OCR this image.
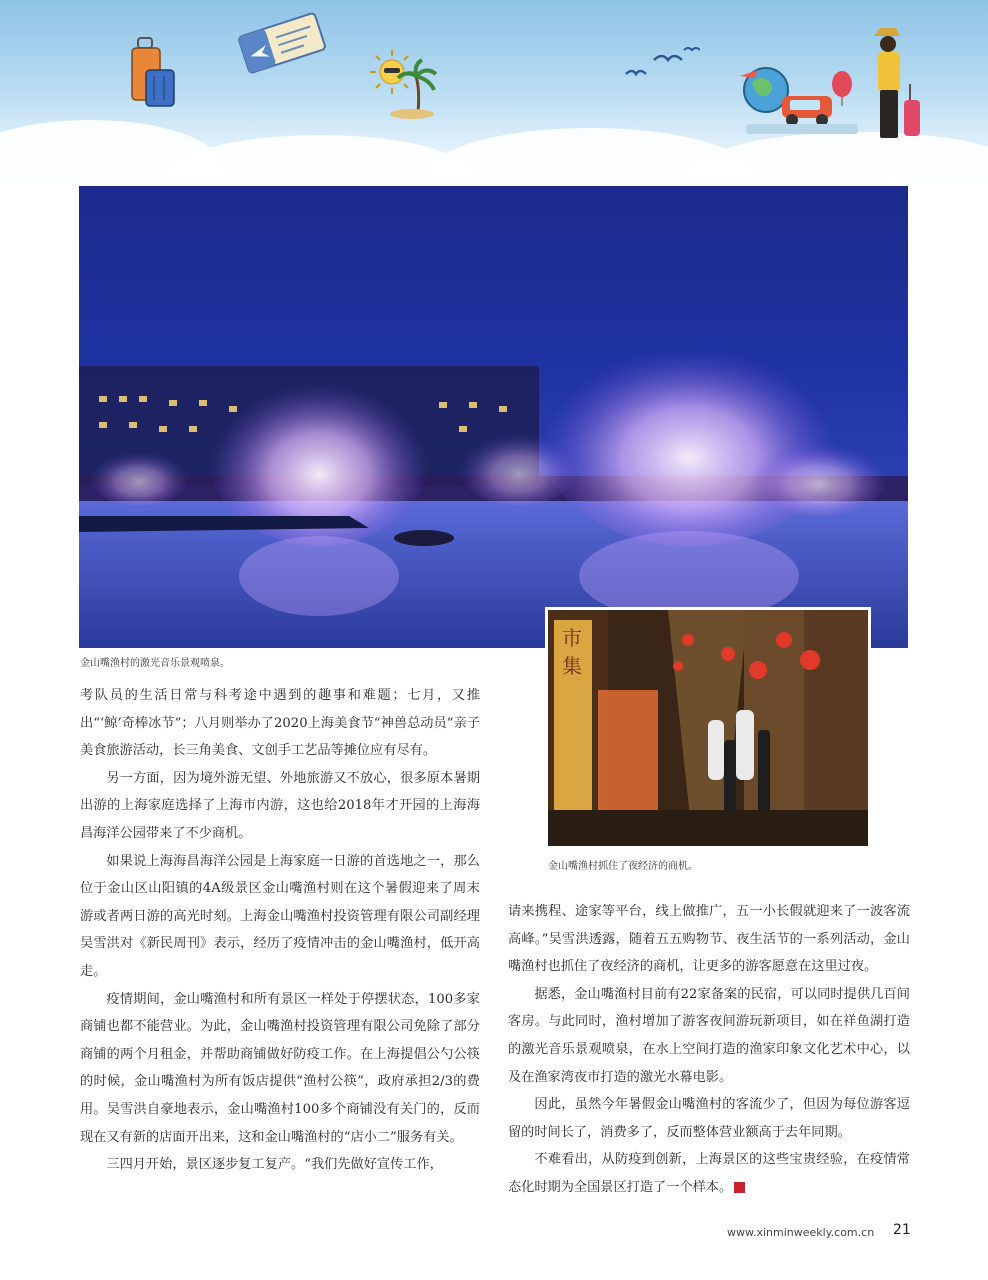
金山嘴渔村的激光音乐景观喷泉。
市集
金山嘴渔村抓住了夜经济的商机。

考队员的生活日常与科考途中遇到的趣事和难题；七月，又推出“‘鲸’奇棒冰节”；八月则举办了2020上海美食节“神兽总动员”亲子美食旅游活动，长三角美食、文创手工艺品等摊位应有尽有。

另一方面，因为境外游无望、外地旅游又不放心，很多原本暑期出游的上海家庭选择了上海市内游，这也给2018年才开园的上海海昌海洋公园带来了不少商机。

如果说上海海昌海洋公园是上海家庭一日游的首选地之一，那么位于金山区山阳镇的4A级景区金山嘴渔村则在这个暑假迎来了周末游或者两日游的高光时刻。上海金山嘴渔村投资管理有限公司副经理吴雪洪对《新民周刊》表示，经历了疫情冲击的金山嘴渔村，低开高走。

疫情期间，金山嘴渔村和所有景区一样处于停摆状态，100多家商铺也都不能营业。为此，金山嘴渔村投资管理有限公司免除了部分商铺的两个月租金，并帮助商铺做好防疫工作。在上海提倡公勺公筷的时候，金山嘴渔村为所有饭店提供“渔村公筷”，政府承担2/3的费用。吴雪洪自豪地表示，金山嘴渔村100多个商铺没有关门的，反而现在又有新的店面开出来，这和金山嘴渔村的“店小二”服务有关。

三四月开始，景区逐步复工复产。“我们先做好宣传工作，

请来携程、途家等平台，线上做推广，五一小长假就迎来了一波客流高峰。”吴雪洪透露，随着五五购物节、夜生活节的一系列活动，金山嘴渔村也抓住了夜经济的商机，让更多的游客愿意在这里过夜。

据悉，金山嘴渔村目前有22家备案的民宿，可以同时提供几百间客房。与此同时，渔村增加了游客夜间游玩新项目，如在祥鱼湖打造的激光音乐景观喷泉，在水上空间打造的渔家印象文化艺术中心，以及在渔家湾夜市打造的激光水幕电影。

因此，虽然今年暑假金山嘴渔村的客流少了，但因为每位游客逗留的时间长了，消费多了，反而整体营业额高于去年同期。

不难看出，从防疫到创新，上海景区的这些宝贵经验，在疫情常态化时期为全国景区打造了一个样本。	民

www.xinminweekly.com.cn 21
